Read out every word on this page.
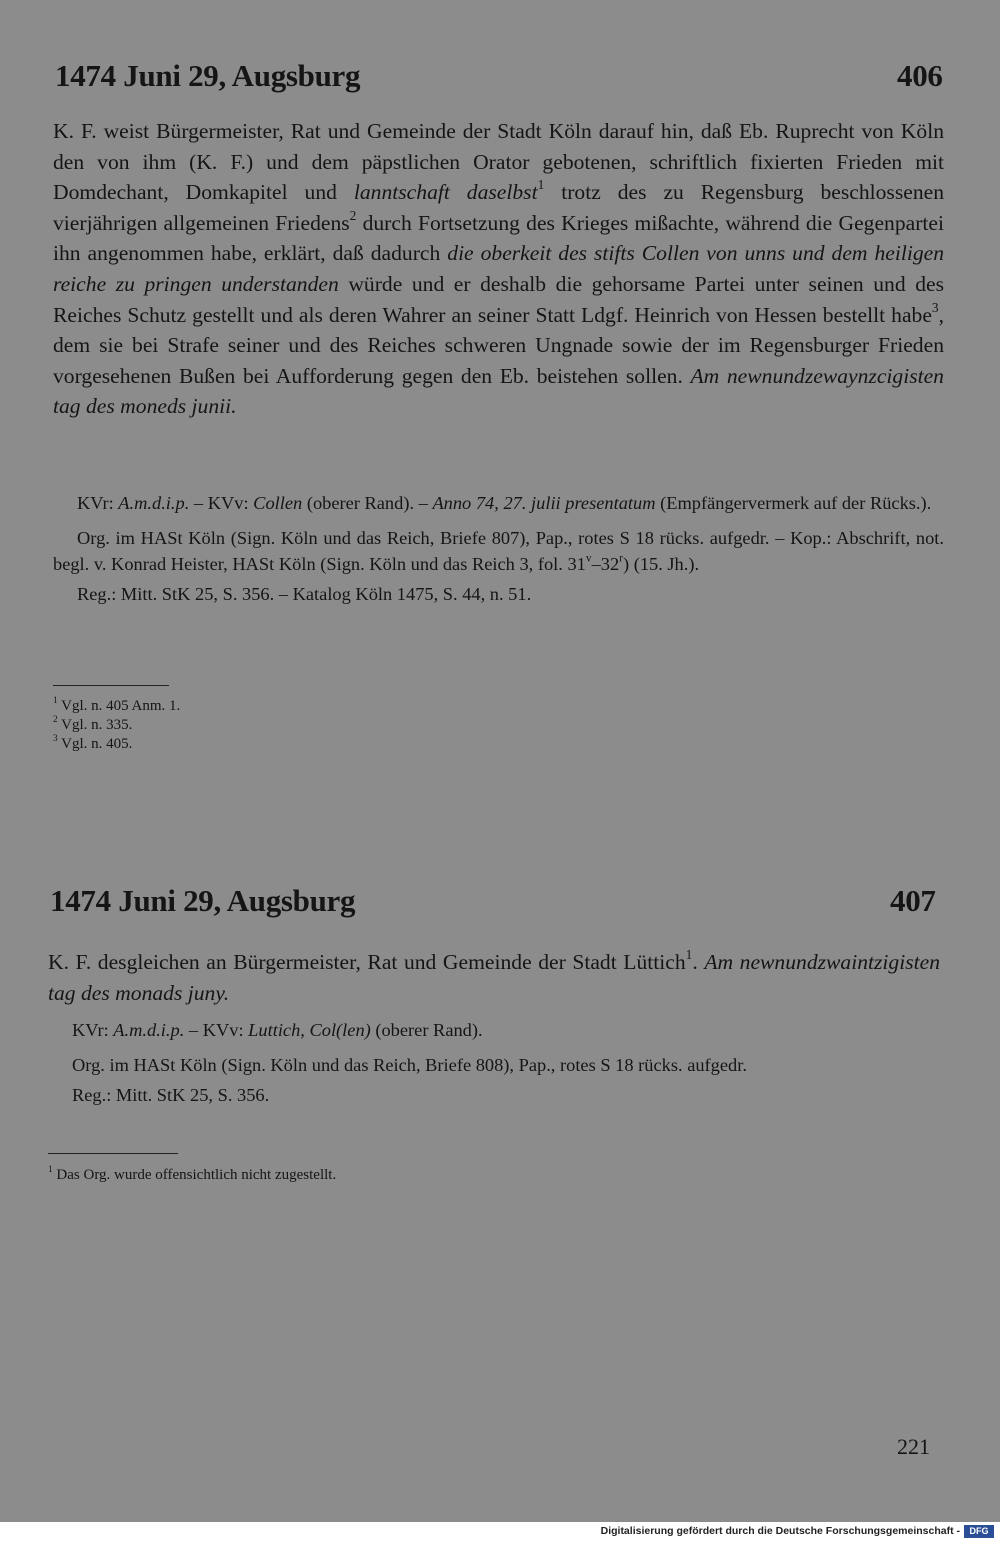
1474 Juni 29, Augsburg	406

K. F. weist Bürgermeister, Rat und Gemeinde der Stadt Köln darauf hin, daß Eb. Ruprecht von Köln den von ihm (K. F.) und dem päpstlichen Orator gebotenen, schriftlich fixierten Frieden mit Domdechant, Domkapitel und lanntschaft daselbst$^1$ trotz des zu Regensburg beschlossenen vierjährigen allgemeinen Friedens$^2$ durch Fortsetzung des Krieges mißachte, während die Gegenpartei ihn angenommen habe, erklärt, daß dadurch die oberkeit des stifts Collen von unns und dem heiligen reiche zu pringen understanden würde und er deshalb die gehorsame Partei unter seinen und des Reiches Schutz gestellt und als deren Wahrer an seiner Statt Ldgf. Heinrich von Hessen bestellt habe$^3$, dem sie bei Strafe seiner und des Reiches schweren Ungnade sowie der im Regensburger Frieden vorgesehenen Bußen bei Aufforderung gegen den Eb. beistehen sollen. Am newnundzewaynzcigisten tag des moneds junii.

KVr: A.m.d.i.p. – KVv: Collen (oberer Rand). – Anno 74, 27. julii presentatum (Empfängervermerk auf der Rücks.).

Org. im HASt Köln (Sign. Köln und das Reich, Briefe 807), Pap., rotes S 18 rücks. aufgedr. – Kop.: Abschrift, not. begl. v. Konrad Heister, HASt Köln (Sign. Köln und das Reich 3, fol. 31$^v$–32$^r$) (15. Jh.).

Reg.: Mitt. StK 25, S. 356. – Katalog Köln 1475, S. 44, n. 51.

$^1$ Vgl. n. 405 Anm. 1.

$^2$ Vgl. n. 335.

$^3$ Vgl. n. 405.

1474 Juni 29, Augsburg	407

K. F. desgleichen an Bürgermeister, Rat und Gemeinde der Stadt Lüttich$^1$. Am newnundzwaintzigisten tag des monads juny.

KVr: A.m.d.i.p. – KVv: Luttich, Col(len) (oberer Rand).

Org. im HASt Köln (Sign. Köln und das Reich, Briefe 808), Pap., rotes S 18 rücks. aufgedr.

Reg.: Mitt. StK 25, S. 356.

$^1$ Das Org. wurde offensichtlich nicht zugestellt.

221
Digitalisierung gefördert durch die Deutsche Forschungsgemeinschaft -	DFG
